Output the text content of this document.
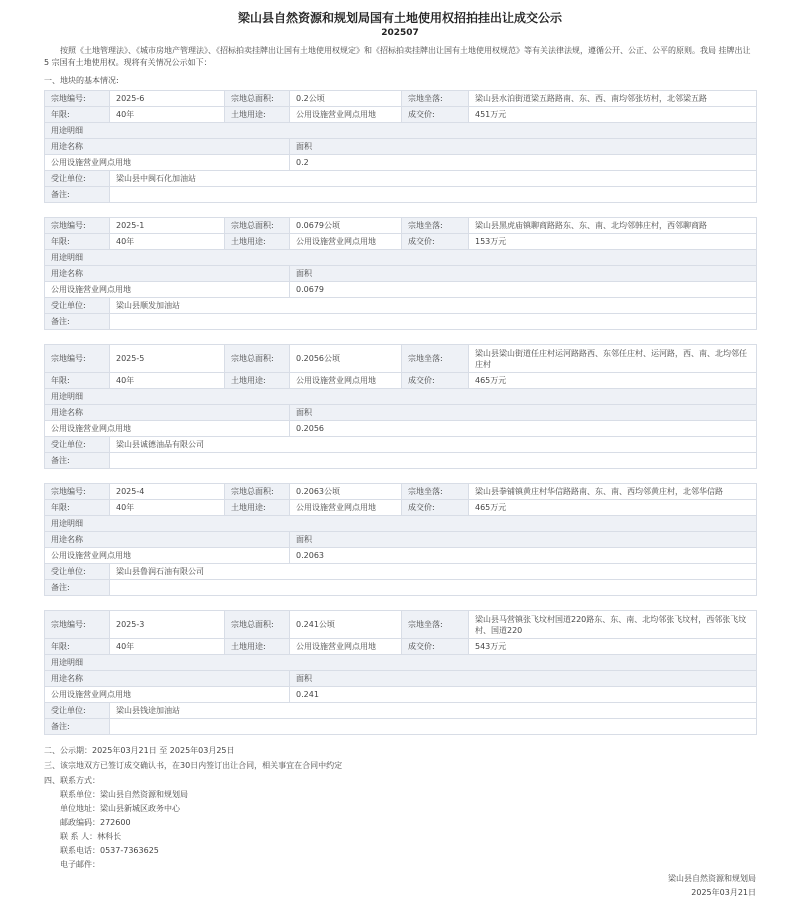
梁山县自然资源和规划局国有土地使用权招拍挂出让成交公示
202507
按照《土地管理法》、《城市房地产管理法》、《招标拍卖挂牌出让国有土地使用权规定》和《招标拍卖挂牌出让国有土地使用权规范》等有关法律法规，遵循公开、公正、公平的原则。我局 挂牌出让 5 宗国有土地使用权。现将有关情况公示如下：
一、地块的基本情况:
宗地编号:	2025-6	宗地总面积:	0.2公顷	宗地坐落:	梁山县水泊街道梁五路路南、东、西、南均邻张坊村，北邻梁五路
年限:	40年	土地用途:	公用设施营业网点用地	成交价:	451万元
用途明细					
用途名称			面积		
公用设施营业网点用地			0.2		
受让单位:	梁山县中闽石化加油站				
备注:					
宗地编号:	2025-1	宗地总面积:	0.0679公顷	宗地坐落:	梁山县黑虎庙镇聊商路路东、东、南、北均邻韩庄村，西邻聊商路
年限:	40年	土地用途:	公用设施营业网点用地	成交价:	153万元
用途明细					
用途名称			面积		
公用设施营业网点用地			0.0679		
受让单位:	梁山县顺发加油站				
备注:					
宗地编号:	2025-5	宗地总面积:	0.2056公顷	宗地坐落:	梁山县梁山街道任庄村运河路路西、东邻任庄村、运河路，西、南、北均邻任庄村
年限:	40年	土地用途:	公用设施营业网点用地	成交价:	465万元
用途明细					
用途名称			面积		
公用设施营业网点用地			0.2056		
受让单位:	梁山县诚德油品有限公司				
备注:					
宗地编号:	2025-4	宗地总面积:	0.2063公顷	宗地坐落:	梁山县拳铺镇黄庄村华信路路南、东、南、西均邻黄庄村，北邻华信路
年限:	40年	土地用途:	公用设施营业网点用地	成交价:	465万元
用途明细					
用途名称			面积		
公用设施营业网点用地			0.2063		
受让单位:	梁山县鲁润石油有限公司				
备注:					
宗地编号:	2025-3	宗地总面积:	0.241公顷	宗地坐落:	梁山县马营镇张飞坟村国道220路东、东、南、北均邻张飞坟村，西邻张飞坟村、国道220
年限:	40年	土地用途:	公用设施营业网点用地	成交价:	543万元
用途明细					
用途名称			面积		
公用设施营业网点用地			0.241		
受让单位:	梁山县钱途加油站				
备注:					
二、公示期：2025年03月21日 至 2025年03月25日
三、该宗地双方已签订成交确认书，在30日内签订出让合同，相关事宜在合同中约定
四、联系方式：
联系单位：梁山县自然资源和规划局
单位地址：梁山县新城区政务中心
邮政编码：272600
联 系 人：林科长
联系电话：0537-7363625
电子邮件：
梁山县自然资源和规划局
2025年03月21日
